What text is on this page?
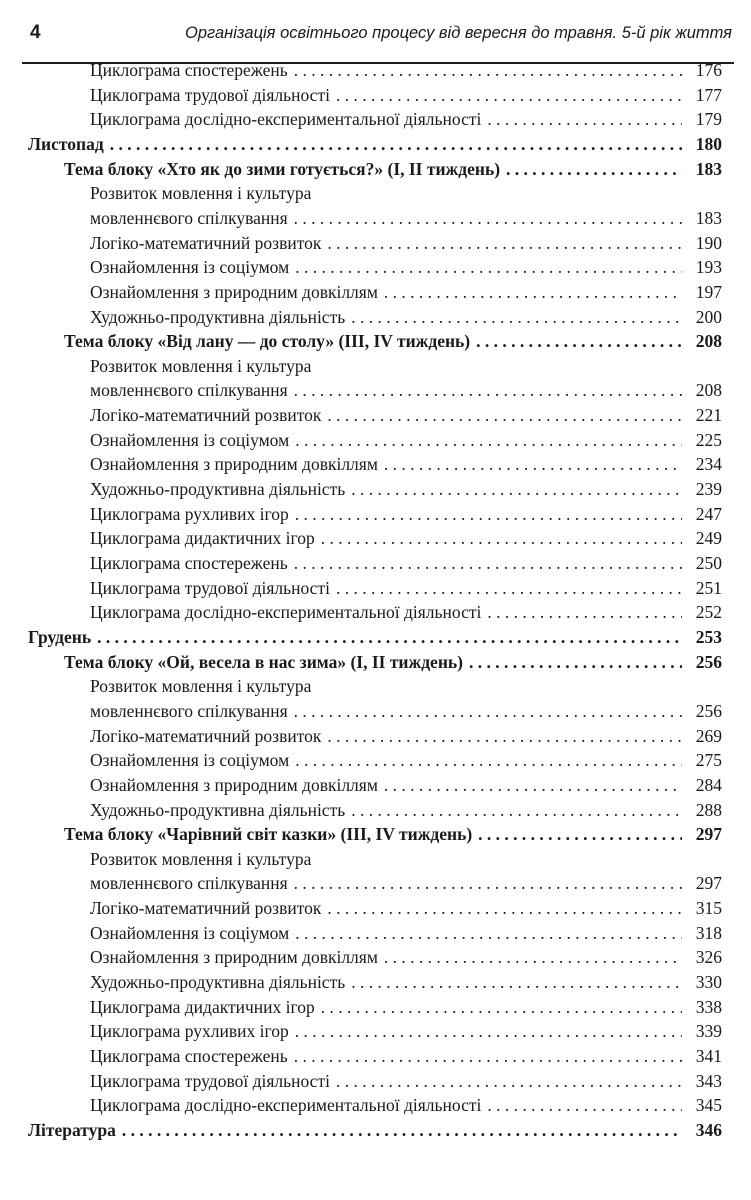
4	Організація освітнього процесу від вересня до травня. 5-й рік життя
Циклограма спостережень . . .	176
Циклограма трудової діяльності . . .	177
Циклограма дослідно-експериментальної діяльності . . .	179
Листопад . . .	180
Тема блоку «Хто як до зими готується?» (І, ІІ тиждень) . . .	183
Розвиток мовлення і культура
мовленнєвого спілкування . . .	183
Логіко-математичний розвиток . . .	190
Ознайомлення із соціумом . . .	193
Ознайомлення з природним довкіллям . . .	197
Художньо-продуктивна діяльність . . .	200
Тема блоку «Від лану — до столу» (ІІІ, IV тиждень) . . .	208
Розвиток мовлення і культура
мовленнєвого спілкування . . .	208
Логіко-математичний розвиток . . .	221
Ознайомлення із соціумом . . .	225
Ознайомлення з природним довкіллям . . .	234
Художньо-продуктивна діяльність . . .	239
Циклограма рухливих ігор . . .	247
Циклограма дидактичних ігор . . .	249
Циклограма спостережень . . .	250
Циклограма трудової діяльності . . .	251
Циклограма дослідно-експериментальної діяльності . . .	252
Грудень . . .	253
Тема блоку «Ой, весела в нас зима» (І, ІІ тиждень) . . .	256
Розвиток мовлення і культура
мовленнєвого спілкування . . .	256
Логіко-математичний розвиток . . .	269
Ознайомлення із соціумом . . .	275
Ознайомлення з природним довкіллям . . .	284
Художньо-продуктивна діяльність . . .	288
Тема блоку «Чарівний світ казки» (ІІІ, IV тиждень) . . .	297
Розвиток мовлення і культура
мовленнєвого спілкування . . .	297
Логіко-математичний розвиток . . .	315
Ознайомлення із соціумом . . .	318
Ознайомлення з природним довкіллям . . .	326
Художньо-продуктивна діяльність . . .	330
Циклограма дидактичних ігор . . .	338
Циклограма рухливих ігор . . .	339
Циклограма спостережень . . .	341
Циклограма трудової діяльності . . .	343
Циклограма дослідно-експериментальної діяльності . . .	345
Література . . .	346
